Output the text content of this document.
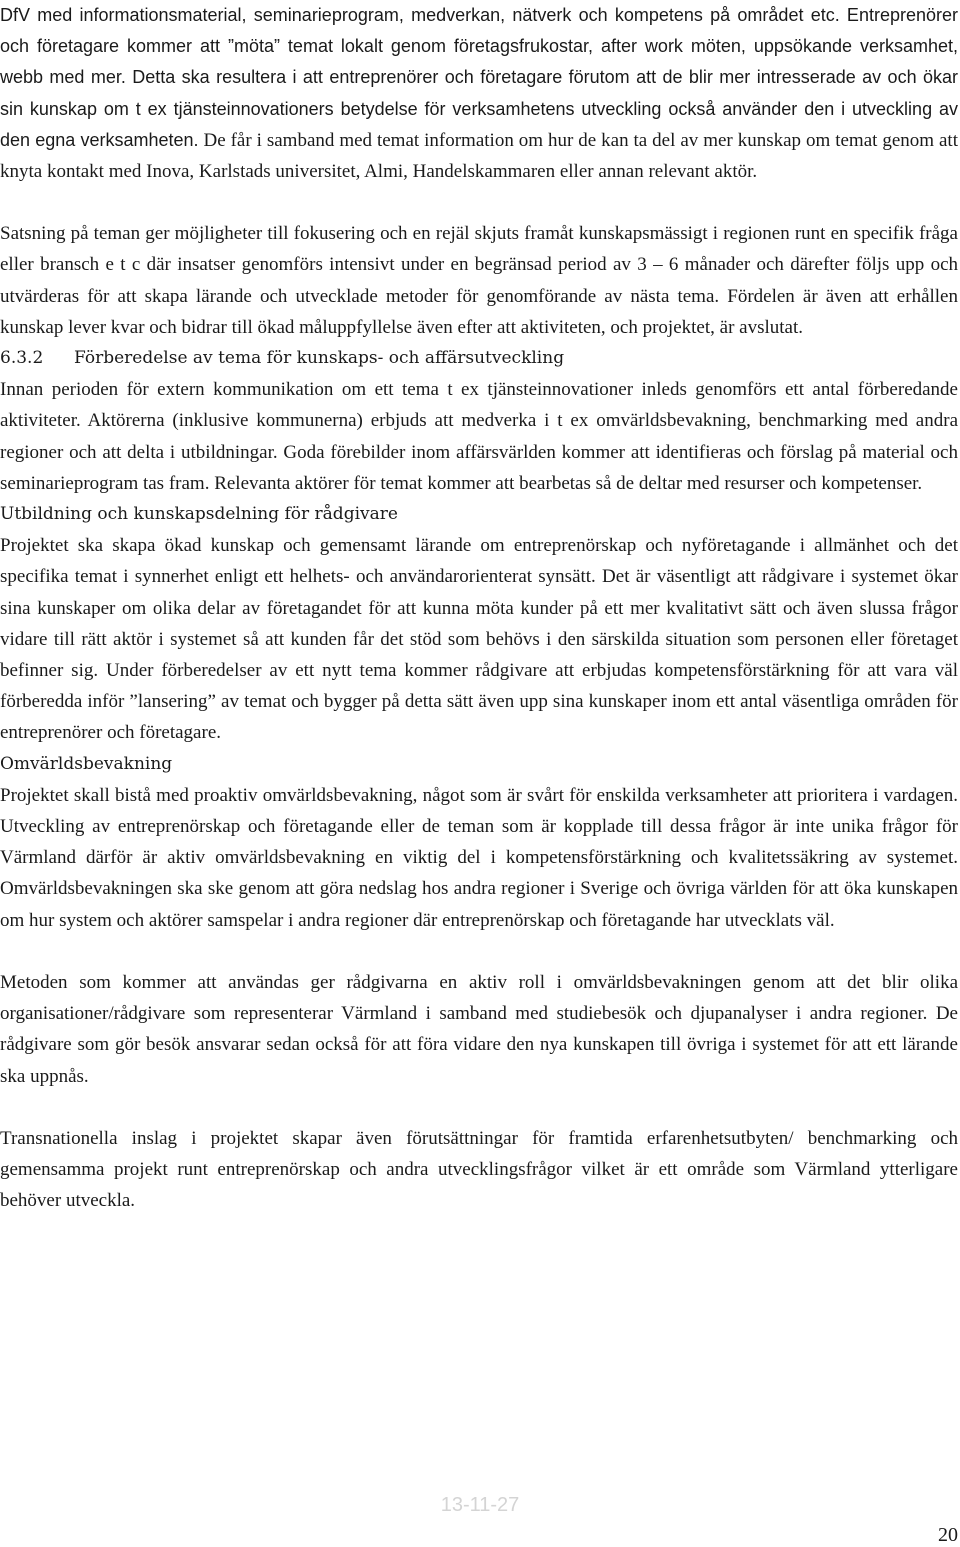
DfV med informationsmaterial, seminarieprogram, medverkan, nätverk och kompetens på området etc. Entreprenörer och företagare kommer att ”möta” temat lokalt genom företagsfrukostar, after work möten, uppsökande verksamhet, webb med mer. Detta ska resultera i att entreprenörer och företagare förutom att de blir mer intresserade av och ökar sin kunskap om t ex tjänsteinnovationers betydelse för verksamhetens utveckling också använder den i utveckling av den egna verksamheten. De får i samband med temat information om hur de kan ta del av mer kunskap om temat genom att knyta kontakt med Inova, Karlstads universitet, Almi, Handelskammaren eller annan relevant aktör.

Satsning på teman ger möjligheter till fokusering och en rejäl skjuts framåt kunskapsmässigt i regionen runt en specifik fråga eller bransch e t c där insatser genomförs intensivt under en begränsad period av 3 – 6 månader och därefter följs upp och utvärderas för att skapa lärande och utvecklade metoder för genomförande av nästa tema. Fördelen är även att erhållen kunskap lever kvar och bidrar till ökad måluppfyllelse även efter att aktiviteten, och projektet, är avslutat.

6.3.2 Förberedelse av tema för kunskaps- och affärsutveckling

Innan perioden för extern kommunikation om ett tema t ex tjänsteinnovationer inleds genomförs ett antal förberedande aktiviteter. Aktörerna (inklusive kommunerna) erbjuds att medverka i t ex omvärldsbevakning, benchmarking med andra regioner och att delta i utbildningar. Goda förebilder inom affärsvärlden kommer att identifieras och förslag på material och seminarieprogram tas fram. Relevanta aktörer för temat kommer att bearbetas så de deltar med resurser och kompetenser.

Utbildning och kunskapsdelning för rådgivare

Projektet ska skapa ökad kunskap och gemensamt lärande om entreprenörskap och nyföretagande i allmänhet och det specifika temat i synnerhet enligt ett helhets- och användarorienterat synsätt. Det är väsentligt att rådgivare i systemet ökar sina kunskaper om olika delar av företagandet för att kunna möta kunder på ett mer kvalitativt sätt och även slussa frågor vidare till rätt aktör i systemet så att kunden får det stöd som behövs i den särskilda situation som personen eller företaget befinner sig. Under förberedelser av ett nytt tema kommer rådgivare att erbjudas kompetensförstärkning för att vara väl förberedda inför ”lansering” av temat och bygger på detta sätt även upp sina kunskaper inom ett antal väsentliga områden för entreprenörer och företagare.

Omvärldsbevakning

Projektet skall bistå med proaktiv omvärldsbevakning, något som är svårt för enskilda verksamheter att prioritera i vardagen. Utveckling av entreprenörskap och företagande eller de teman som är kopplade till dessa frågor är inte unika frågor för Värmland därför är aktiv omvärldsbevakning en viktig del i kompetensförstärkning och kvalitetssäkring av systemet. Omvärldsbevakningen ska ske genom att göra nedslag hos andra regioner i Sverige och övriga världen för att öka kunskapen om hur system och aktörer samspelar i andra regioner där entreprenörskap och företagande har utvecklats väl.

Metoden som kommer att användas ger rådgivarna en aktiv roll i omvärldsbevakningen genom att det blir olika organisationer/rådgivare som representerar Värmland i samband med studiebesök och djupanalyser i andra regioner. De rådgivare som gör besök ansvarar sedan också för att föra vidare den nya kunskapen till övriga i systemet för att ett lärande ska uppnås.

Transnationella inslag i projektet skapar även förutsättningar för framtida erfarenhetsutbyten/ benchmarking och gemensamma projekt runt entreprenörskap och andra utvecklingsfrågor vilket är ett område som Värmland ytterligare behöver utveckla.

13-11-27
20
